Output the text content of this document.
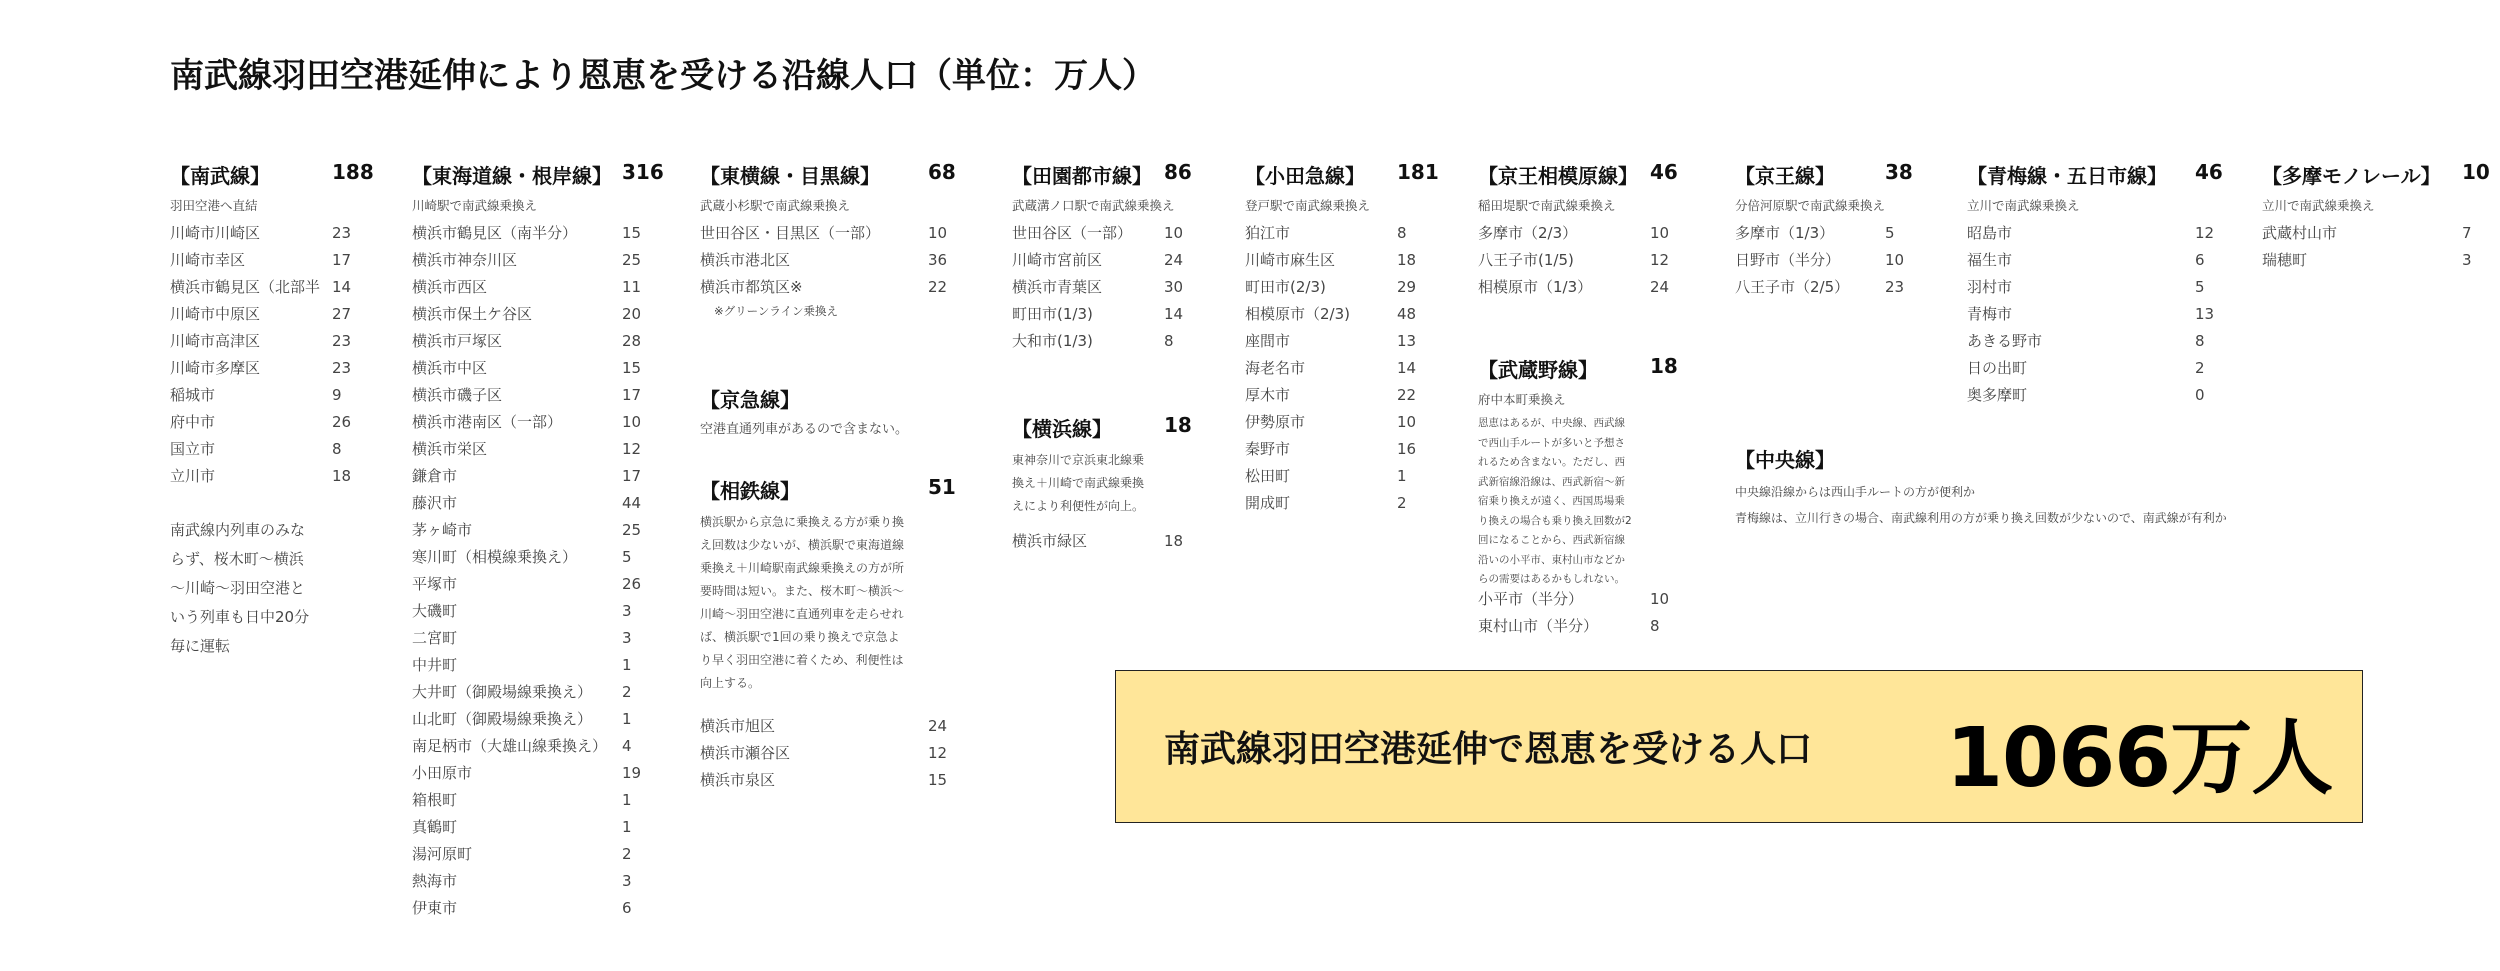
南武線羽田空港延伸により恩恵を受ける沿線人口（単位：万人）
【南武線】	188
羽田空港へ直結
川崎市川崎区	23
川崎市幸区	17
横浜市鶴見区（北部半 14
川崎市中原区	27
川崎市高津区	23
川崎市多摩区	23
稲城市	9
府中市	26
国立市	8
立川市	18
南武線内列車のみな
らず、桜木町～横浜
～川崎～羽田空港と
いう列車も日中20分
毎に運転
【東海道線・根岸線】 316
川崎駅で南武線乗換え
横浜市鶴見区（南半分）	15
横浜市神奈川区	25
横浜市西区	11
横浜市保土ケ谷区	20
横浜市戸塚区	28
横浜市中区	15
横浜市磯子区	17
横浜市港南区（一部）	10
横浜市栄区	12
鎌倉市	17
藤沢市	44
茅ヶ崎市	25
寒川町（相模線乗換え）	5
平塚市	26
大磯町	3
二宮町	3
中井町	1
大井町（御殿場線乗換え）	2
山北町（御殿場線乗換え）	1
南足柄市（大雄山線乗換え） 4
小田原市	19
箱根町	1
真鶴町	1
湯河原町	2
熱海市	3
伊東市	6
【東横線・目黒線】 68
武蔵小杉駅で南武線乗換え
世田谷区・目黒区（一部）	10
横浜市港北区	36
横浜市都筑区※	22
※グリーンライン乗換え
【京急線】
空港直通列車があるので含まない。
【相鉄線】	51
横浜駅から京急に乗換える方が乗り換
え回数は少ないが、横浜駅で東海道線
乗換え＋川崎駅南武線乗換えの方が所
要時間は短い。また、桜木町～横浜～
川崎～羽田空港に直通列車を走らせれ
ば、横浜駅で1回の乗り換えで京急よ
り早く羽田空港に着くため、利便性は
向上する。
横浜市旭区	24
横浜市瀬谷区	12
横浜市泉区	15
【田園都市線】 86
武蔵溝ノ口駅で南武線乗換え
世田谷区（一部）	10
川崎市宮前区	24
横浜市青葉区	30
町田市(1/3)	14
大和市(1/3)	8
【横浜線】	18
東神奈川で京浜東北線乗
換え＋川崎で南武線乗換
えにより利便性が向上。
横浜市緑区	18
【小田急線】 181
登戸駅で南武線乗換え
狛江市	8
川崎市麻生区	18
町田市(2/3)	29
相模原市（2/3)	48
座間市	13
海老名市	14
厚木市	22
伊勢原市	10
秦野市	16
松田町	1
開成町	2
【京王相模原線】 46
稲田堤駅で南武線乗換え
多摩市（2/3）	10
八王子市(1/5)	12
相模原市（1/3）	24
【武蔵野線】	18
府中本町乗換え
恩恵はあるが、中央線、西武線
で西山手ルートが多いと予想さ
れるため含まない。ただし、西
武新宿線沿線は、西武新宿～新
宿乗り換えが遠く、西国馬場乗
り換えの場合も乗り換え回数が2
回になることから、西武新宿線
沿いの小平市、東村山市などか
らの需要はあるかもしれない。
小平市（半分）	10
東村山市（半分）	8
【京王線】	38
分倍河原駅で南武線乗換え
多摩市（1/3）	5
日野市（半分）	10
八王子市（2/5）	23
【中央線】
中央線沿線からは西山手ルートの方が便利か
青梅線は、立川行きの場合、南武線利用の方が乗り換え回数が少ないので、南武線が有利か
【青梅線・五日市線】 46
立川で南武線乗換え
昭島市	12
福生市	6
羽村市	5
青梅市	13
あきる野市	8
日の出町	2
奥多摩町	0
【多摩モノレール】 10
立川で南武線乗換え
武蔵村山市	7
瑞穂町	3
南武線羽田空港延伸で恩恵を受ける人口 1066万人
